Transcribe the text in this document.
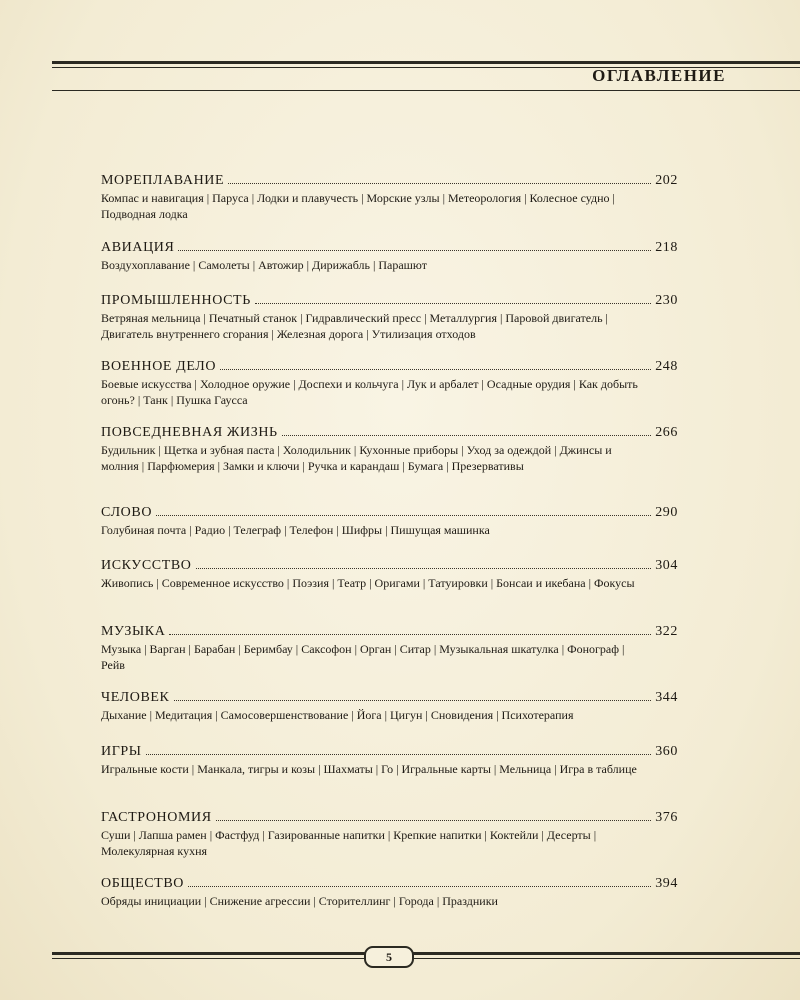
ОГЛАВЛЕНИЕ
МОРЕПЛАВАНИЕ	202
Компас и навигация | Паруса | Лодки и плавучесть | Морские узлы | Метеорология | Колесное судно | Подводная лодка
АВИАЦИЯ	218
Воздухоплавание | Самолеты | Автожир | Дирижабль | Парашют
ПРОМЫШЛЕННОСТЬ	230
Ветряная мельница | Печатный станок | Гидравлический пресс | Металлургия | Паровой двигатель | Двигатель внутреннего сгорания | Железная дорога | Утилизация отходов
ВОЕННОЕ ДЕЛО	248
Боевые искусства | Холодное оружие | Доспехи и кольчуга | Лук и арбалет | Осадные орудия | Как добыть огонь? | Танк | Пушка Гаусса
ПОВСЕДНЕВНАЯ ЖИЗНЬ	266
Будильник | Щетка и зубная паста | Холодильник | Кухонные приборы | Уход за одеждой | Джинсы и молния | Парфюмерия | Замки и ключи | Ручка и карандаш | Бумага | Презервативы
СЛОВО	290
Голубиная почта | Радио | Телеграф | Телефон | Шифры | Пишущая машинка
ИСКУССТВО	304
Живопись | Современное искусство | Поэзия | Театр | Оригами | Татуировки | Бонсаи и икебана | Фокусы
МУЗЫКА	322
Музыка | Варган | Барабан | Беримбау | Саксофон | Орган | Ситар | Музыкальная шкатулка | Фонограф | Рейв
ЧЕЛОВЕК	344
Дыхание | Медитация | Самосовершенствование | Йога | Цигун | Сновидения | Психотерапия
ИГРЫ	360
Игральные кости | Манкала, тигры и козы | Шахматы | Го | Игральные карты | Мельница | Игра в таблице
ГАСТРОНОМИЯ	376
Суши | Лапша рамен | Фастфуд | Газированные напитки | Крепкие напитки | Коктейли | Десерты | Молекулярная кухня
ОБЩЕСТВО	394
Обряды инициации | Снижение агрессии | Сторителлинг | Города | Праздники
5
